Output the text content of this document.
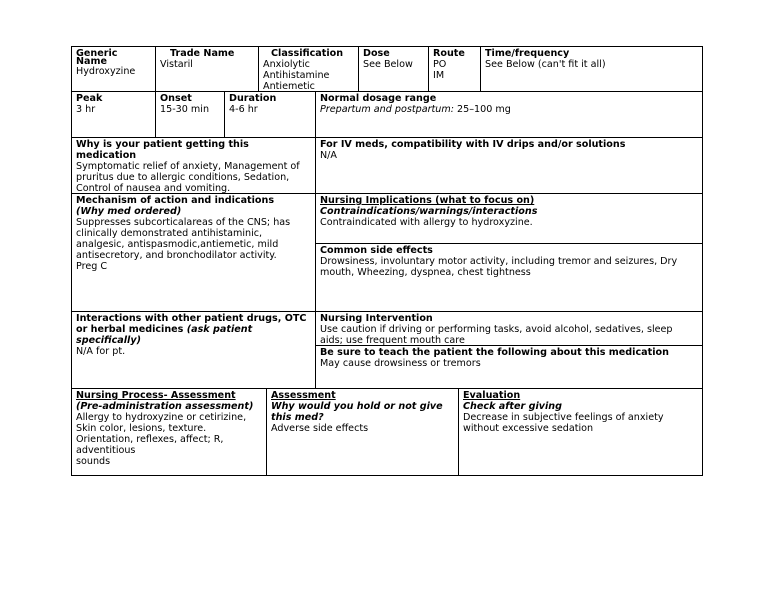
Generic
Name
Hydroxyzine
Trade Name
Vistaril
Classification
Anxiolytic
Antihistamine
Antiemetic
Dose
See Below
Route
PO
IM
Time/frequency
See Below (can't fit it all)
Peak
3 hr
Onset
15-30 min
Duration
4-6 hr
Normal dosage range
Prepartum and postpartum: 25–100 mg
Why is your patient getting this medication
Symptomatic relief of anxiety, Management of pruritus due to allergic conditions, Sedation, Control of nausea and vomiting.
For IV meds, compatibility with IV drips and/or solutions
N/A
Mechanism of action and indications
(Why med ordered)
Suppresses subcorticalareas of the CNS; has clinically demonstrated antihistaminic, analgesic, antispasmodic,antiemetic, mild antisecretory, and bronchodilator activity.
Preg C
Nursing Implications (what to focus on)
Contraindications/warnings/interactions
Contraindicated with allergy to hydroxyzine.
Common side effects
Drowsiness, involuntary motor activity, including tremor and seizures, Dry mouth, Wheezing, dyspnea, chest tightness
Interactions with other patient drugs, OTC or herbal medicines (ask patient specifically)
N/A for pt.
Nursing Intervention
Use caution if driving or performing tasks, avoid alcohol, sedatives, sleep aids; use frequent mouth care
Be sure to teach the patient the following about this medication
May cause drowsiness or tremors
Nursing Process- Assessment
(Pre-administration assessment)
Allergy to hydroxyzine or cetirizine, Skin color, lesions, texture.
Orientation, reflexes, affect; R, adventitious
sounds
Assessment
Why would you hold or not give this med?
Adverse side effects
Evaluation
Check after giving
Decrease in subjective feelings of anxiety without excessive sedation
